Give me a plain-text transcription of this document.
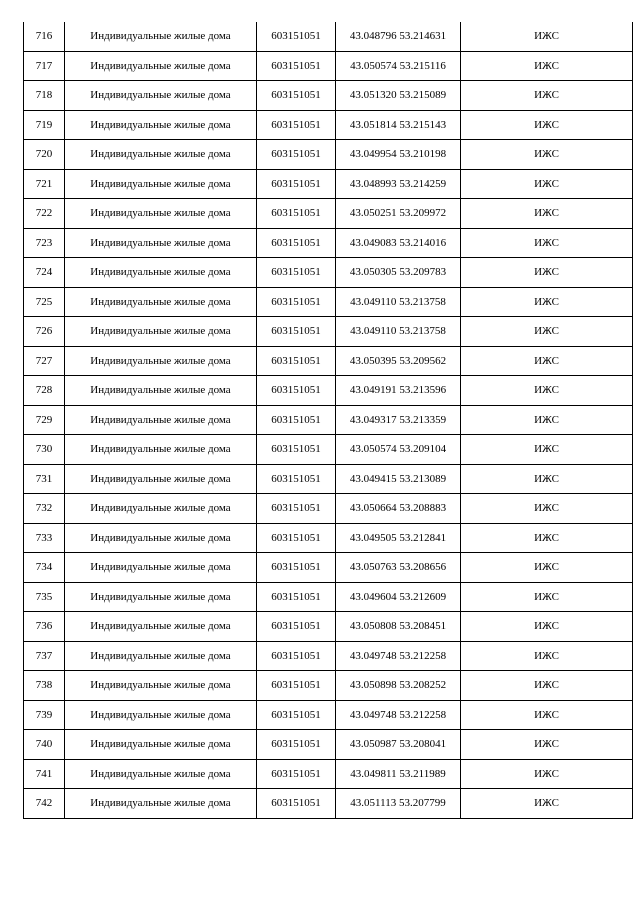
716	Индивидуальные жилые дома	603151051	43.048796 53.214631	ИЖС
717	Индивидуальные жилые дома	603151051	43.050574 53.215116	ИЖС
718	Индивидуальные жилые дома	603151051	43.051320 53.215089	ИЖС
719	Индивидуальные жилые дома	603151051	43.051814 53.215143	ИЖС
720	Индивидуальные жилые дома	603151051	43.049954 53.210198	ИЖС
721	Индивидуальные жилые дома	603151051	43.048993 53.214259	ИЖС
722	Индивидуальные жилые дома	603151051	43.050251 53.209972	ИЖС
723	Индивидуальные жилые дома	603151051	43.049083 53.214016	ИЖС
724	Индивидуальные жилые дома	603151051	43.050305 53.209783	ИЖС
725	Индивидуальные жилые дома	603151051	43.049110 53.213758	ИЖС
726	Индивидуальные жилые дома	603151051	43.049110 53.213758	ИЖС
727	Индивидуальные жилые дома	603151051	43.050395 53.209562	ИЖС
728	Индивидуальные жилые дома	603151051	43.049191 53.213596	ИЖС
729	Индивидуальные жилые дома	603151051	43.049317 53.213359	ИЖС
730	Индивидуальные жилые дома	603151051	43.050574 53.209104	ИЖС
731	Индивидуальные жилые дома	603151051	43.049415 53.213089	ИЖС
732	Индивидуальные жилые дома	603151051	43.050664 53.208883	ИЖС
733	Индивидуальные жилые дома	603151051	43.049505 53.212841	ИЖС
734	Индивидуальные жилые дома	603151051	43.050763 53.208656	ИЖС
735	Индивидуальные жилые дома	603151051	43.049604 53.212609	ИЖС
736	Индивидуальные жилые дома	603151051	43.050808 53.208451	ИЖС
737	Индивидуальные жилые дома	603151051	43.049748 53.212258	ИЖС
738	Индивидуальные жилые дома	603151051	43.050898 53.208252	ИЖС
739	Индивидуальные жилые дома	603151051	43.049748 53.212258	ИЖС
740	Индивидуальные жилые дома	603151051	43.050987 53.208041	ИЖС
741	Индивидуальные жилые дома	603151051	43.049811 53.211989	ИЖС
742	Индивидуальные жилые дома	603151051	43.051113 53.207799	ИЖС
